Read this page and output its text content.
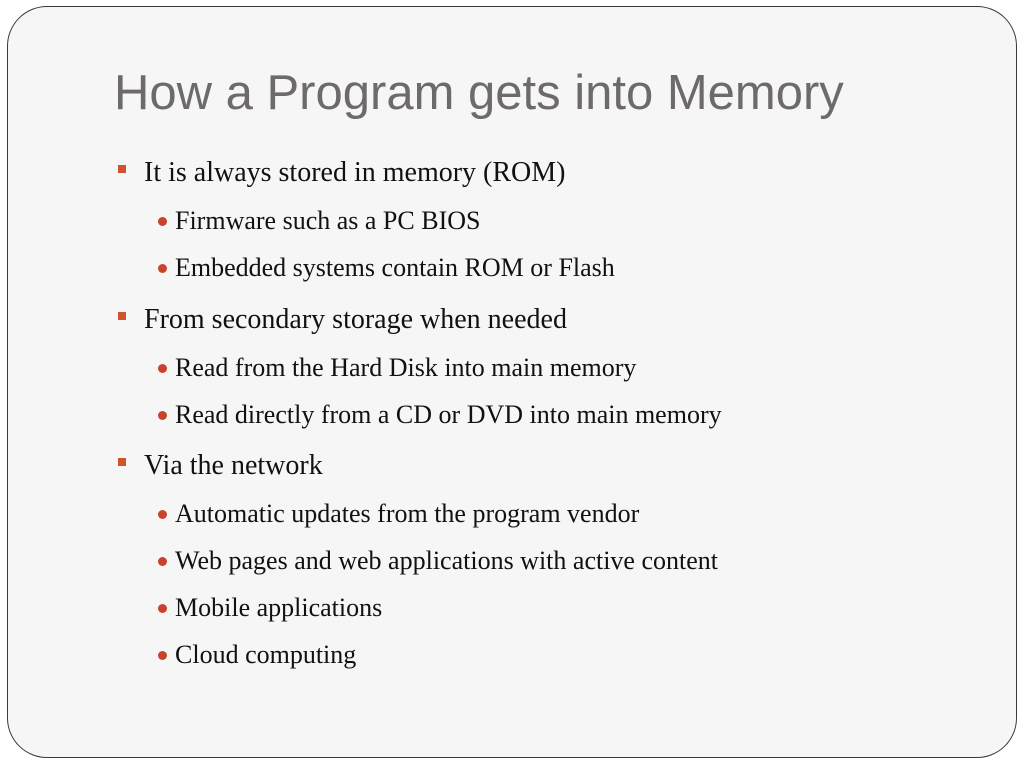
How a Program gets into Memory
It is always stored in memory (ROM)
Firmware such as a PC BIOS
Embedded systems contain ROM or Flash
From secondary storage when needed
Read from the Hard Disk into main memory
Read directly from a CD or DVD into main memory
Via the network
Automatic updates from the program vendor
Web pages and web applications with active content
Mobile applications
Cloud computing
